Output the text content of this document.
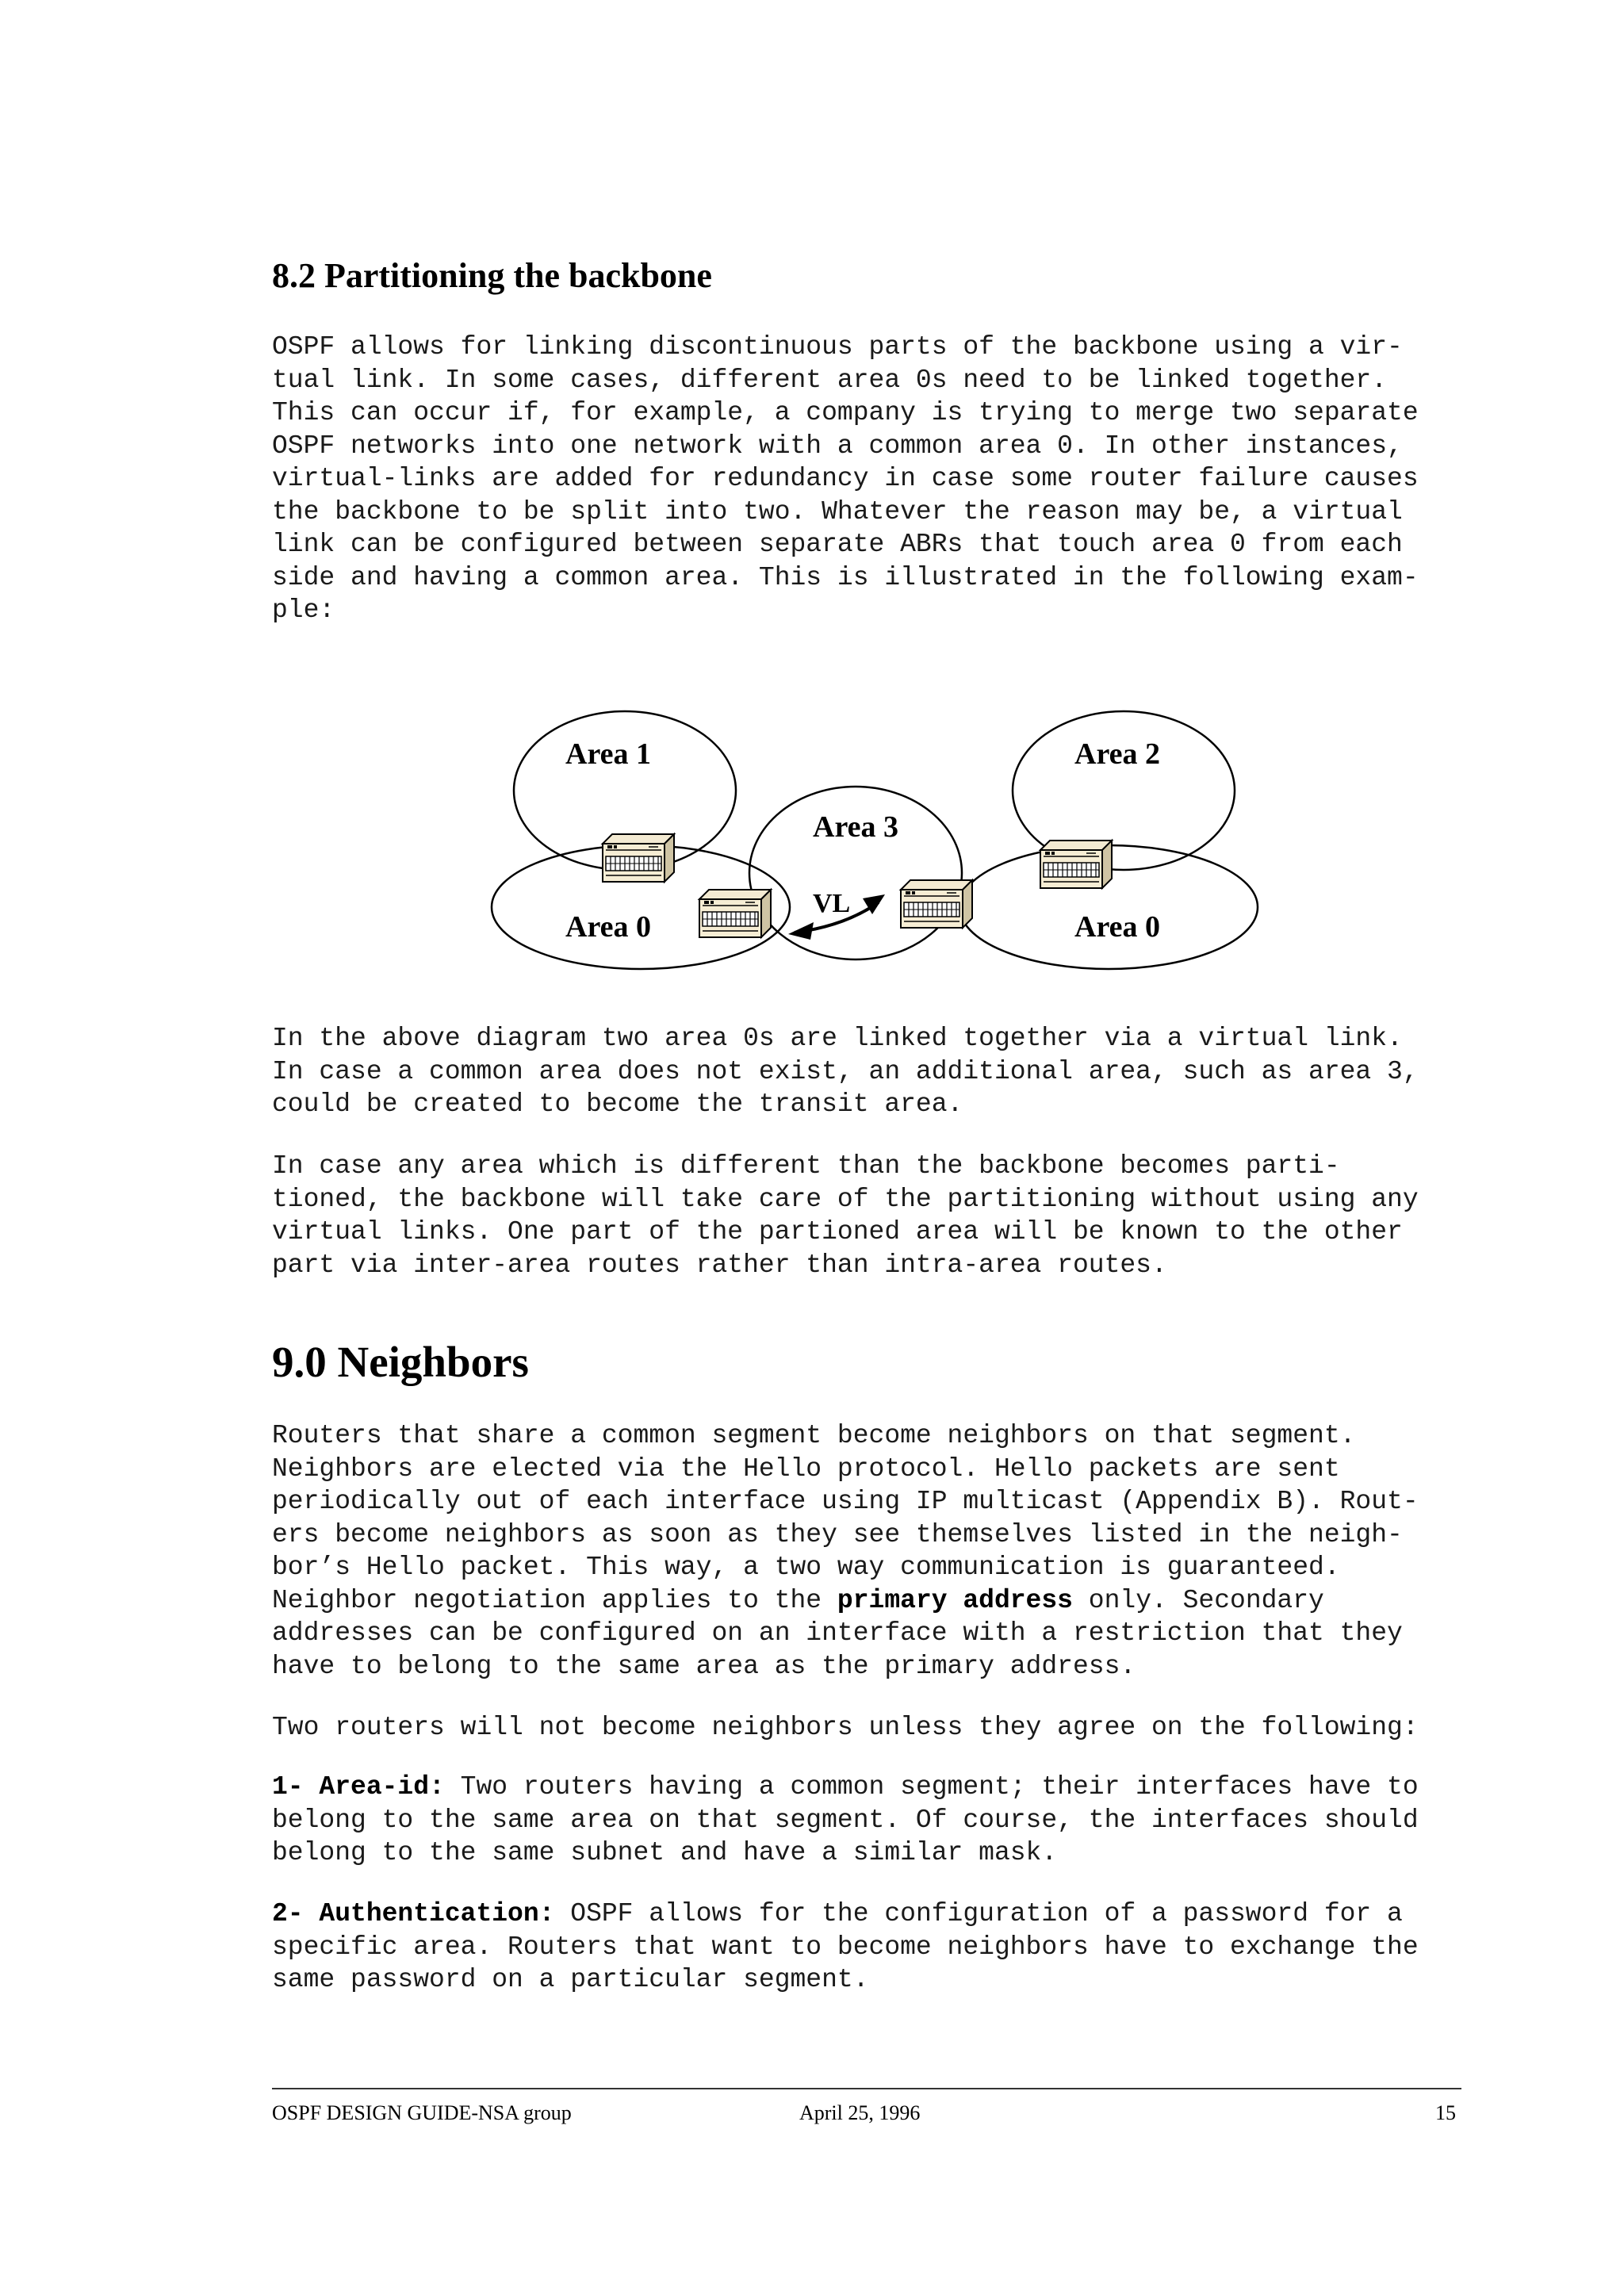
8.2 Partitioning the backbone
OSPF allows for linking discontinuous parts of the backbone using a vir-
tual link. In some cases, different area 0s need to be linked together.
This can occur if, for example, a company is trying to merge two separate
OSPF networks into one network with a common area 0. In other instances,
virtual-links are added for redundancy in case some router failure causes
the backbone to be split into two. Whatever the reason may be, a virtual
link can be configured between separate ABRs that touch area 0 from each
side and having a common area. This is illustrated in the following exam-
ple:
Area 1	Area 2
Area 3
Area 0	Area 0
VL
In the above diagram two area 0s are linked together via a virtual link.
In case a common area does not exist, an additional area, such as area 3,
could be created to become the transit area.
In case any area which is different than the backbone becomes parti-
tioned, the backbone will take care of the partitioning without using any
virtual links. One part of the partioned area will be known to the other
part via inter-area routes rather than intra-area routes.
9.0 Neighbors
Routers that share a common segment become neighbors on that segment.
Neighbors are elected via the Hello protocol. Hello packets are sent
periodically out of each interface using IP multicast (Appendix B). Rout-
ers become neighbors as soon as they see themselves listed in the neigh-
bor’s Hello packet. This way, a two way communication is guaranteed.
Neighbor negotiation applies to the primary address only. Secondary
addresses can be configured on an interface with a restriction that they
have to belong to the same area as the primary address.
Two routers will not become neighbors unless they agree on the following:
1- Area-id: Two routers having a common segment; their interfaces have to
belong to the same area on that segment. Of course, the interfaces should
belong to the same subnet and have a similar mask.
2- Authentication: OSPF allows for the configuration of a password for a
specific area. Routers that want to become neighbors have to exchange the
same password on a particular segment.
OSPF DESIGN GUIDE-NSA group	April 25, 1996	15
